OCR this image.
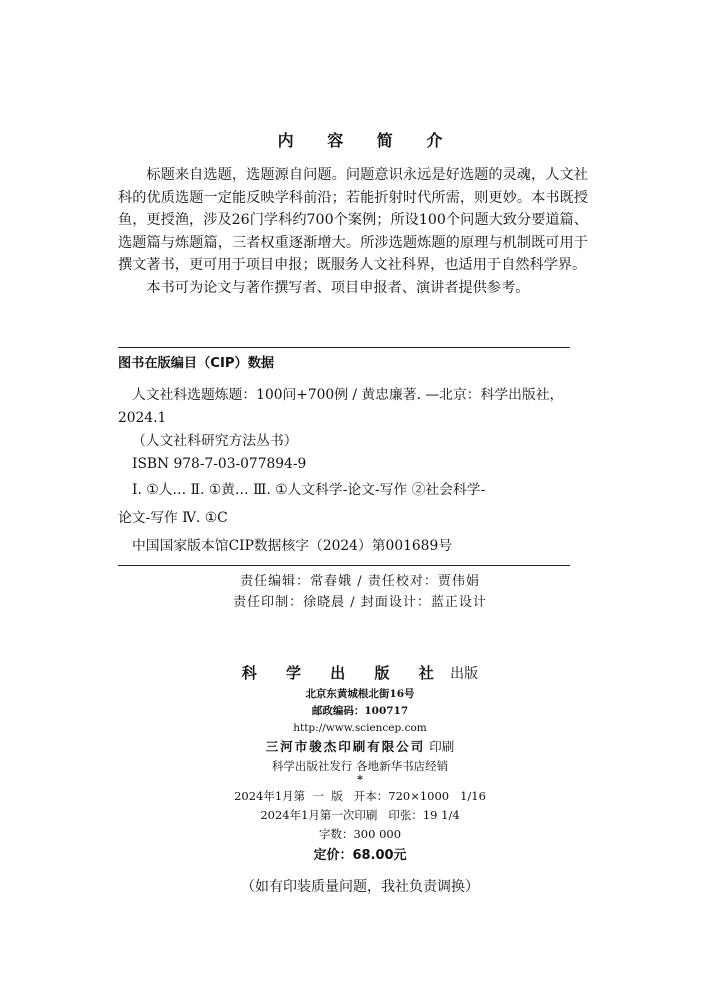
内 容 简 介

标题来自选题，选题源自问题。问题意识永远是好选题的灵魂，人文社科的优质选题一定能反映学科前沿；若能折射时代所需，则更妙。本书既授鱼，更授渔，涉及26门学科约700个案例；所设100个问题大致分要道篇、选题篇与炼题篇，三者权重逐渐增大。所涉选题炼题的原理与机制既可用于撰文著书，更可用于项目申报；既服务人文社科界，也适用于自然科学界。

本书可为论文与著作撰写者、项目申报者、演讲者提供参考。

图书在版编目（CIP）数据
人文社科选题炼题：100问+700例 / 黄忠廉著. —北京：科学出版社，
2024.1
（人文社科研究方法丛书）
ISBN 978-7-03-077894-9
Ⅰ. ①人… Ⅱ. ①黄… Ⅲ. ①人文科学-论文-写作 ②社会科学-
论文-写作 Ⅳ. ①C
中国国家版本馆CIP数据核字（2024）第001689号
责任编辑：常春娥 / 责任校对：贾伟娟
责任印制：徐晓晨 / 封面设计：蓝正设计
科 学 出 版 社 出版
北京东黄城根北街16号
邮政编码：100717
http://www.sciencep.com
三河市骏杰印刷有限公司 印刷
科学出版社发行 各地新华书店经销
*
2024年1月第  一  版   开本：720×1000   1/16
2024年1月第一次印刷   印张：19 1/4
字数：300 000
定价：68.00元
（如有印装质量问题，我社负责调换）
